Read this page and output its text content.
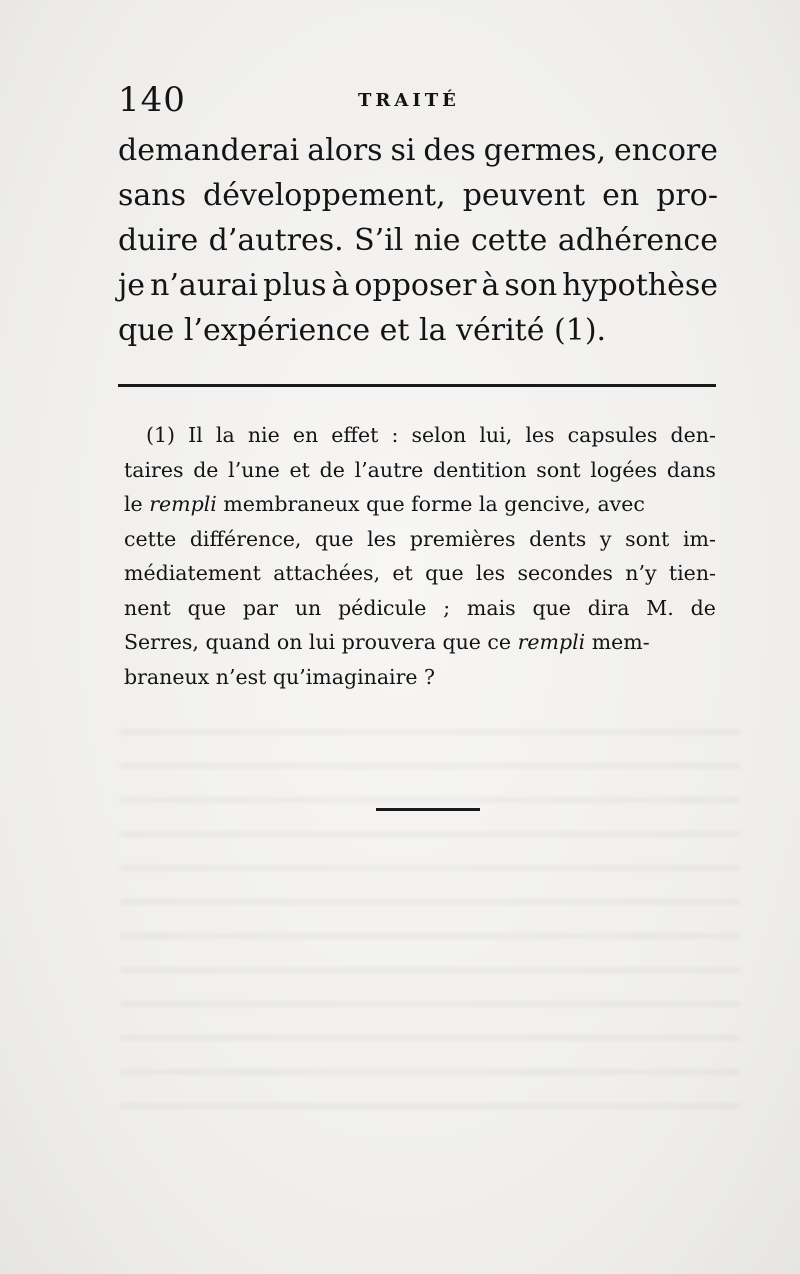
140	TRAITÉ
demanderai alors si des germes, encore
sans développement, peuvent en pro-
duire d’autres. S’il nie cette adhérence
je n’aurai plus à opposer à son hypothèse
que l’expérience et la vérité (1).
(1) Il la nie en effet : selon lui, les capsules den-
taires de l’une et de l’autre dentition sont logées dans
le rempli membraneux que forme la gencive, avec
cette différence, que les premières dents y sont im-
médiatement attachées, et que les secondes n’y tien-
nent que par un pédicule ; mais que dira M. de
Serres, quand on lui prouvera que ce rempli mem-
braneux n’est qu’imaginaire ?
